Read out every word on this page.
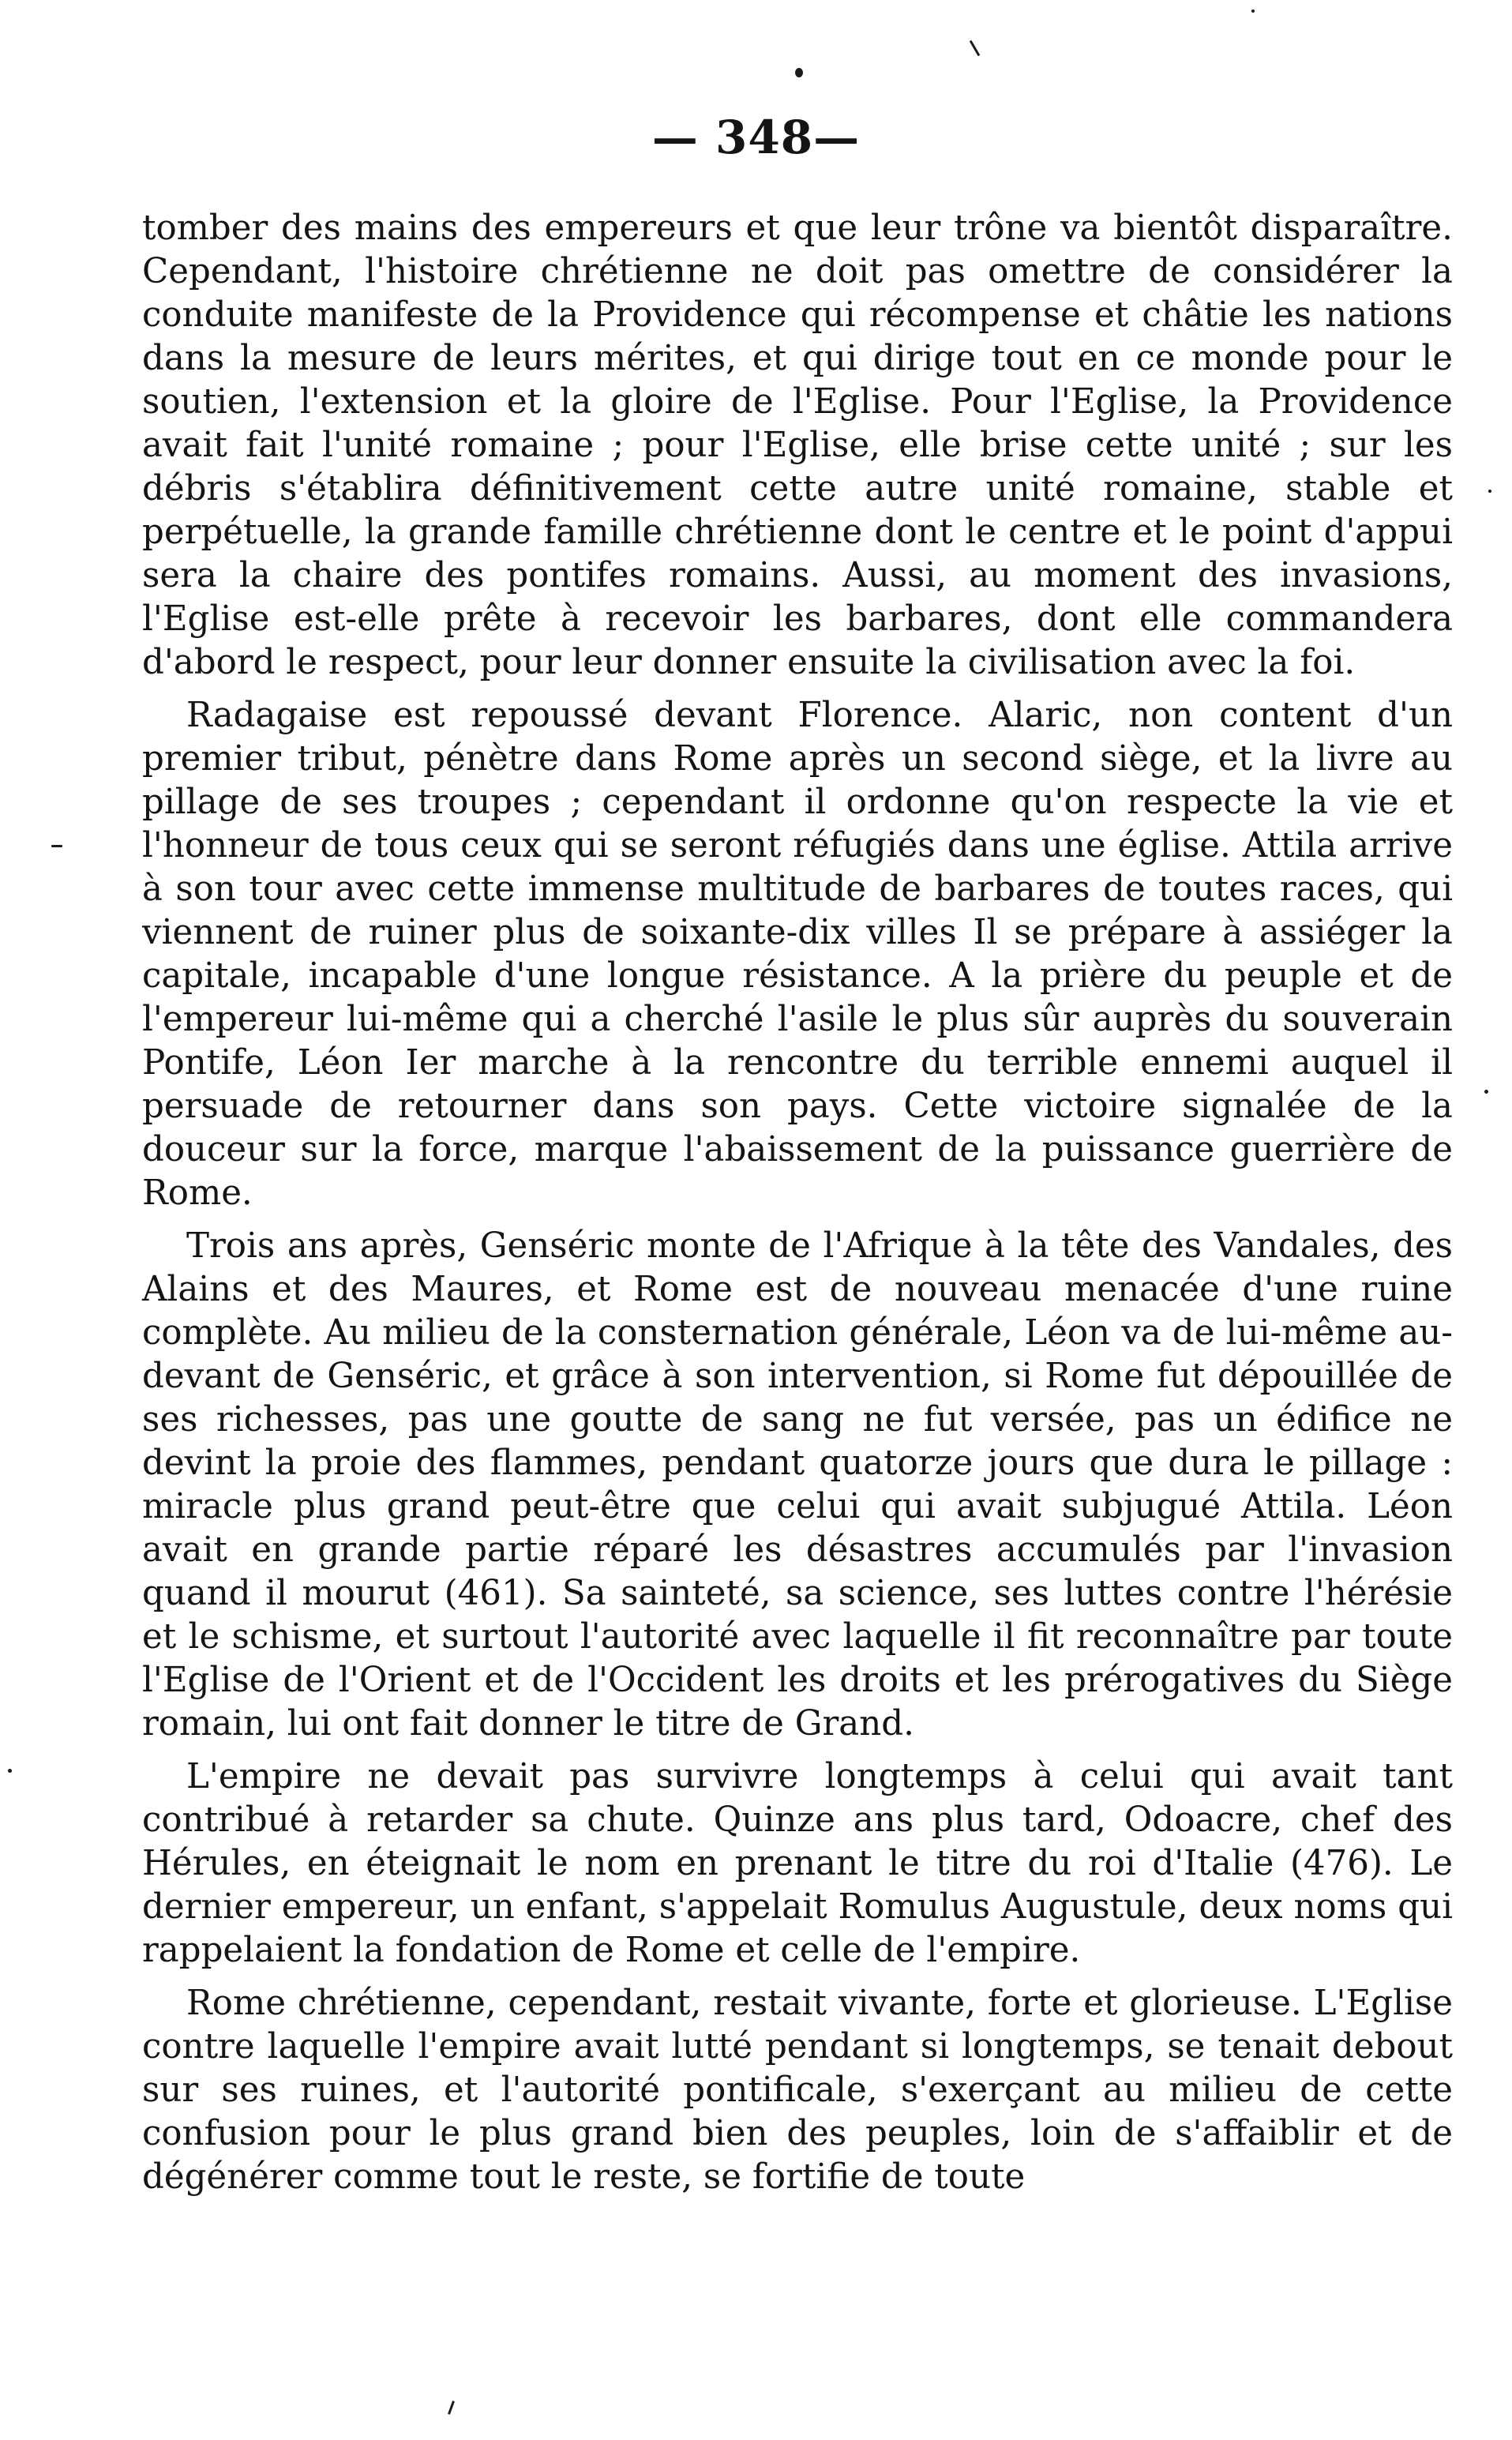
— 348—

tomber des mains des empereurs et que leur trône va bientôt disparaître. Cependant, l'histoire chrétienne ne doit pas omettre de considérer la conduite manifeste de la Providence qui récompense et châtie les nations dans la mesure de leurs mérites, et qui dirige tout en ce monde pour le soutien, l'extension et la gloire de l'Eglise. Pour l'Eglise, la Providence avait fait l'unité romaine ; pour l'Eglise, elle brise cette unité ; sur les débris s'établira définitivement cette autre unité romaine, stable et perpétuelle, la grande famille chrétienne dont le centre et le point d'appui sera la chaire des pontifes romains. Aussi, au moment des invasions, l'Eglise est-elle prête à recevoir les barbares, dont elle commandera d'abord le respect, pour leur donner ensuite la civilisation avec la foi.

Radagaise est repoussé devant Florence. Alaric, non content d'un premier tribut, pénètre dans Rome après un second siège, et la livre au pillage de ses troupes ; cependant il ordonne qu'on respecte la vie et l'honneur de tous ceux qui se seront réfugiés dans une église. Attila arrive à son tour avec cette immense multitude de barbares de toutes races, qui viennent de ruiner plus de soixante-dix villes Il se prépare à assiéger la capitale, incapable d'une longue résistance. A la prière du peuple et de l'empereur lui-même qui a cherché l'asile le plus sûr auprès du souverain Pontife, Léon Ier marche à la rencontre du terrible ennemi auquel il persuade de retourner dans son pays. Cette victoire signalée de la douceur sur la force, marque l'abaissement de la puissance guerrière de Rome.

Trois ans après, Genséric monte de l'Afrique à la tête des Vandales, des Alains et des Maures, et Rome est de nouveau menacée d'une ruine complète. Au milieu de la consternation générale, Léon va de lui-même au-devant de Genséric, et grâce à son intervention, si Rome fut dépouillée de ses richesses, pas une goutte de sang ne fut versée, pas un édifice ne devint la proie des flammes, pendant quatorze jours que dura le pillage : miracle plus grand peut-être que celui qui avait subjugué Attila. Léon avait en grande partie réparé les désastres accumulés par l'invasion quand il mourut (461). Sa sainteté, sa science, ses luttes contre l'hérésie et le schisme, et surtout l'autorité avec laquelle il fit reconnaître par toute l'Eglise de l'Orient et de l'Occident les droits et les prérogatives du Siège romain, lui ont fait donner le titre de Grand.

L'empire ne devait pas survivre longtemps à celui qui avait tant contribué à retarder sa chute. Quinze ans plus tard, Odoacre, chef des Hérules, en éteignait le nom en prenant le titre du roi d'Italie (476). Le dernier empereur, un enfant, s'appelait Romulus Augustule, deux noms qui rappelaient la fondation de Rome et celle de l'empire.

Rome chrétienne, cependant, restait vivante, forte et glorieuse. L'Eglise contre laquelle l'empire avait lutté pendant si longtemps, se tenait debout sur ses ruines, et l'autorité pontificale, s'exerçant au milieu de cette confusion pour le plus grand bien des peuples, loin de s'affaiblir et de dégénérer comme tout le reste, se fortifie de toute
